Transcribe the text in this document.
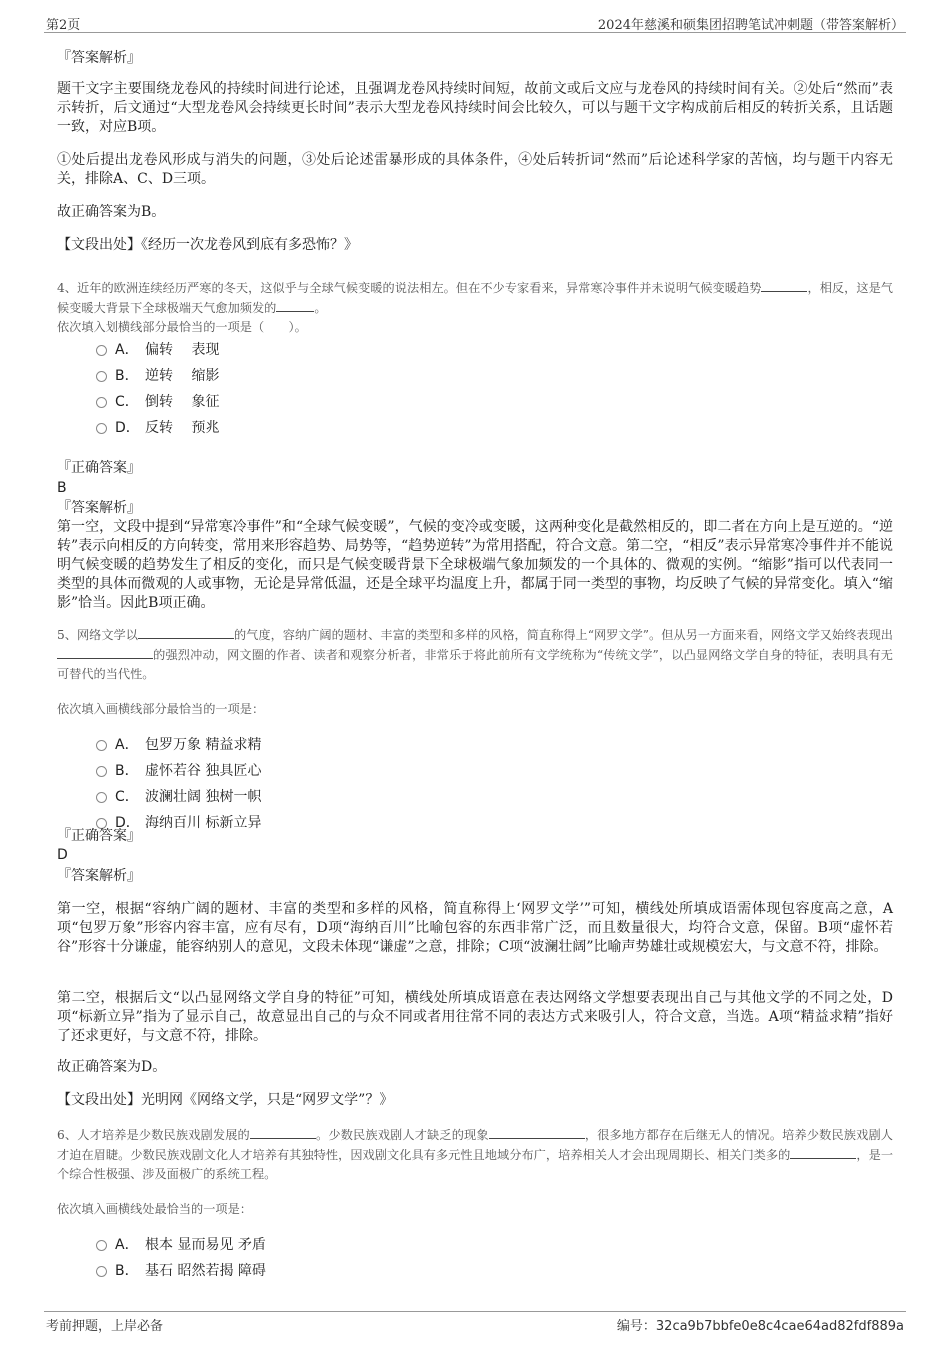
第2页	2024年慈溪和硕集团招聘笔试冲刺题（带答案解析）
『答案解析』
题干文字主要围绕龙卷风的持续时间进行论述，且强调龙卷风持续时间短，故前文或后文应与龙卷风的持续时间有关。②处后“然而”表示转折，后文通过“大型龙卷风会持续更长时间”表示大型龙卷风持续时间会比较久，可以与题干文字构成前后相反的转折关系，且话题一致，对应B项。
①处后提出龙卷风形成与消失的问题，③处后论述雷暴形成的具体条件，④处后转折词“然而”后论述科学家的苦恼，均与题干内容无关，排除A、C、D三项。
故正确答案为B。
【文段出处】《经历一次龙卷风到底有多恐怖？》
4、近年的欧洲连续经历严寒的冬天，这似乎与全球气候变暖的说法相左。但在不少专家看来，异常寒冷事件并未说明气候变暖趋势	，相反，这是气候变暖大背景下全球极端天气愈加频发的	。
依次填入划横线部分最恰当的一项是（　　）。
A． 偏转　 表现
B． 逆转　 缩影
C． 倒转　 象征
D． 反转　 预兆
『正确答案』
B
『答案解析』
第一空，文段中提到“异常寒冷事件”和“全球气候变暖”，气候的变冷或变暖，这两种变化是截然相反的，即二者在方向上是互逆的。“逆转”表示向相反的方向转变，常用来形容趋势、局势等，“趋势逆转”为常用搭配，符合文意。第二空，“相反”表示异常寒冷事件并不能说明气候变暖的趋势发生了相反的变化，而只是气候变暖背景下全球极端气象加频发的一个具体的、微观的实例。“缩影”指可以代表同一类型的具体而微观的人或事物，无论是异常低温，还是全球平均温度上升，都属于同一类型的事物，均反映了气候的异常变化。填入“缩影”恰当。因此B项正确。
5、网络文学以	的气度，容纳广阔的题材、丰富的类型和多样的风格，简直称得上“网罗文学”。但从另一方面来看，网络文学又始终表现出的强烈冲动，网文圈的作者、读者和观察分析者，非常乐于将此前所有文学统称为“传统文学”，以凸显网络文学自身的特征，表明具有无可替代的当代性。
依次填入画横线部分最恰当的一项是：
A． 包罗万象 精益求精
B． 虚怀若谷 独具匠心
C． 波澜壮阔 独树一帜
D． 海纳百川 标新立异
『正确答案』
D
『答案解析』
第一空，根据“容纳广阔的题材、丰富的类型和多样的风格，简直称得上‘网罗文学’”可知，横线处所填成语需体现包容度高之意，A项“包罗万象”形容内容丰富，应有尽有，D项“海纳百川”比喻包容的东西非常广泛，而且数量很大，均符合文意，保留。B项“虚怀若谷”形容十分谦虚，能容纳别人的意见，文段未体现“谦虚”之意，排除；C项“波澜壮阔”比喻声势雄壮或规模宏大，与文意不符，排除。
第二空，根据后文“以凸显网络文学自身的特征”可知，横线处所填成语意在表达网络文学想要表现出自己与其他文学的不同之处，D项“标新立异”指为了显示自己，故意显出自己的与众不同或者用往常不同的表达方式来吸引人，符合文意，当选。A项“精益求精”指好了还求更好，与文意不符，排除。
故正确答案为D。
【文段出处】光明网《网络文学，只是“网罗文学”？》
6、人才培养是少数民族戏剧发展的	。少数民族戏剧人才缺乏的现象	，很多地方都存在后继无人的情况。培养少数民族戏剧人才迫在眉睫。少数民族戏剧文化人才培养有其独特性，因戏剧文化具有多元性且地域分布广，培养相关人才会出现周期长、相关门类多的	，是一个综合性极强、涉及面极广的系统工程。
依次填入画横线处最恰当的一项是：
A． 根本 显而易见 矛盾
B． 基石 昭然若揭 障碍
考前押题，上岸必备	编号：32ca9b7bbfe0e8c4cae64ad82fdf889a
